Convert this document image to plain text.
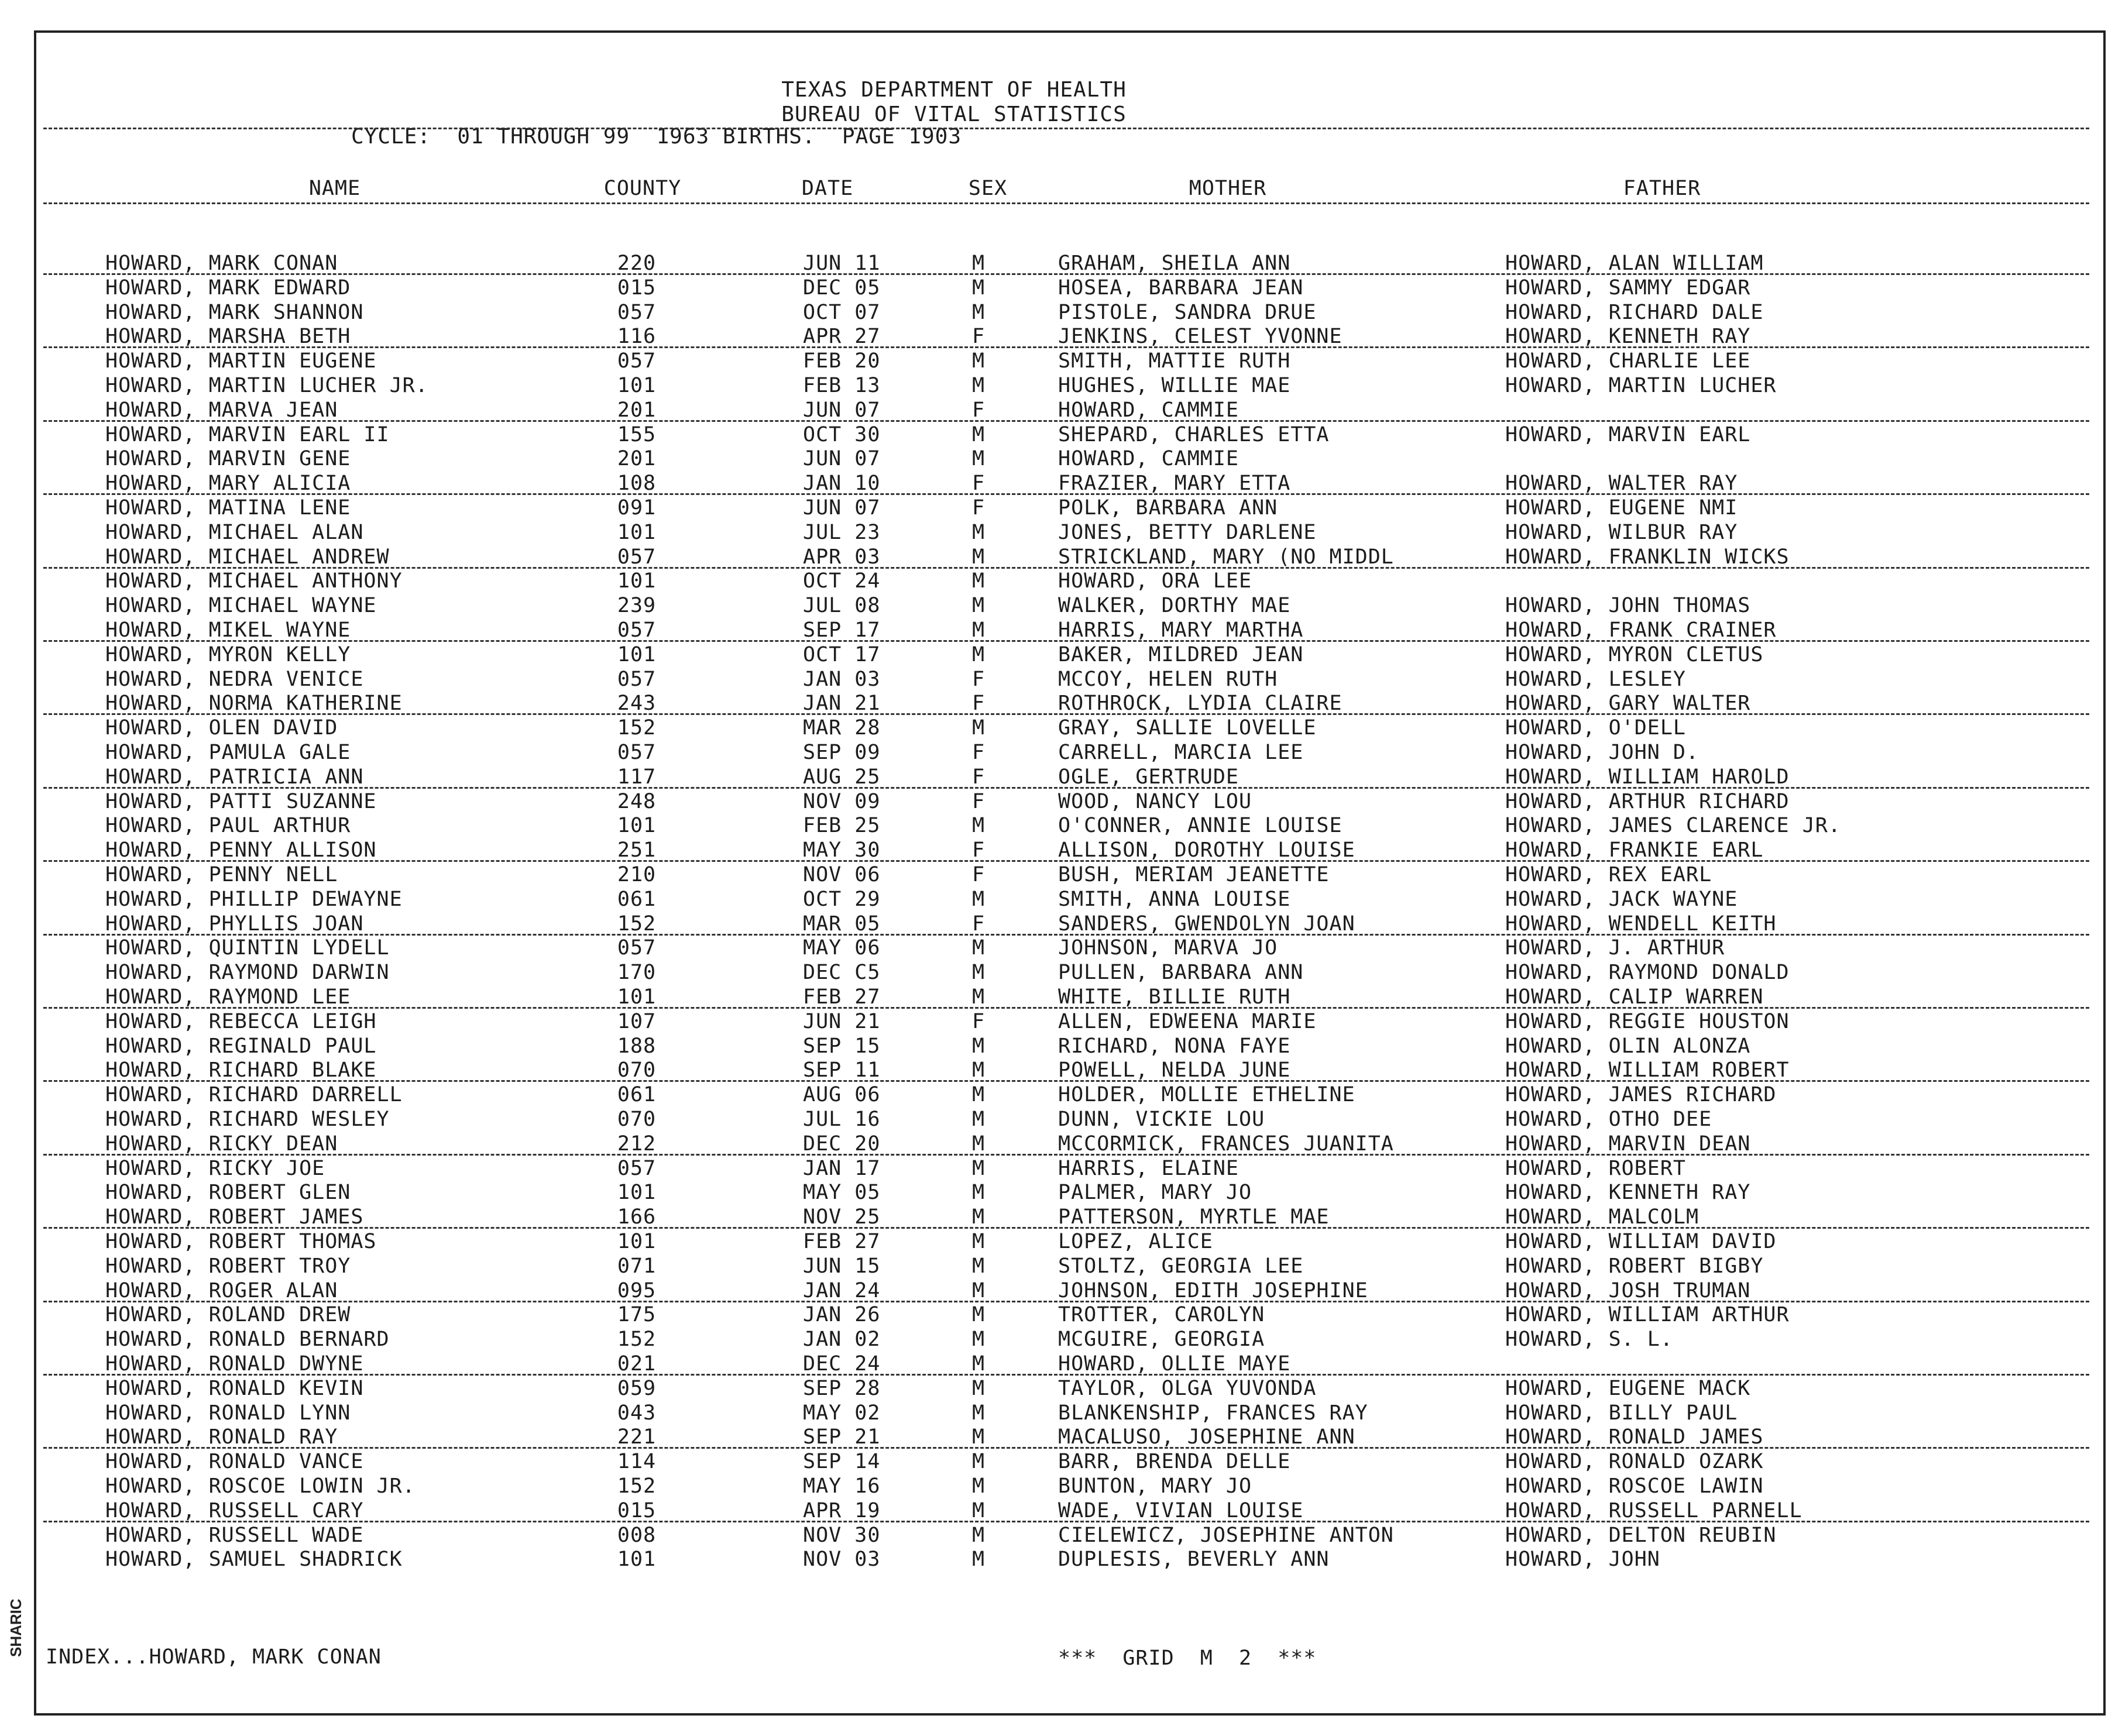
TEXAS DEPARTMENT OF HEALTH
BUREAU OF VITAL STATISTICS
CYCLE:  01 THROUGH 99  1963 BIRTHS.  PAGE 1903
NAME	COUNTY	DATE	SEX	MOTHER	FATHER
HOWARD, MARK CONAN	220	JUN 11	M	GRAHAM, SHEILA ANN	HOWARD, ALAN WILLIAM
HOWARD, MARK EDWARD	015	DEC 05	M	HOSEA, BARBARA JEAN	HOWARD, SAMMY EDGAR
HOWARD, MARK SHANNON	057	OCT 07	M	PISTOLE, SANDRA DRUE	HOWARD, RICHARD DALE
HOWARD, MARSHA BETH	116	APR 27	F	JENKINS, CELEST YVONNE	HOWARD, KENNETH RAY
HOWARD, MARTIN EUGENE	057	FEB 20	M	SMITH, MATTIE RUTH	HOWARD, CHARLIE LEE
HOWARD, MARTIN LUCHER JR.	101	FEB 13	M	HUGHES, WILLIE MAE	HOWARD, MARTIN LUCHER
HOWARD, MARVA JEAN	201	JUN 07	F	HOWARD, CAMMIE
HOWARD, MARVIN EARL II	155	OCT 30	M	SHEPARD, CHARLES ETTA	HOWARD, MARVIN EARL
HOWARD, MARVIN GENE	201	JUN 07	M	HOWARD, CAMMIE
HOWARD, MARY ALICIA	108	JAN 10	F	FRAZIER, MARY ETTA	HOWARD, WALTER RAY
HOWARD, MATINA LENE	091	JUN 07	F	POLK, BARBARA ANN	HOWARD, EUGENE NMI
HOWARD, MICHAEL ALAN	101	JUL 23	M	JONES, BETTY DARLENE	HOWARD, WILBUR RAY
HOWARD, MICHAEL ANDREW	057	APR 03	M	STRICKLAND, MARY (NO MIDDL	HOWARD, FRANKLIN WICKS
HOWARD, MICHAEL ANTHONY	101	OCT 24	M	HOWARD, ORA LEE
HOWARD, MICHAEL WAYNE	239	JUL 08	M	WALKER, DORTHY MAE	HOWARD, JOHN THOMAS
HOWARD, MIKEL WAYNE	057	SEP 17	M	HARRIS, MARY MARTHA	HOWARD, FRANK CRAINER
HOWARD, MYRON KELLY	101	OCT 17	M	BAKER, MILDRED JEAN	HOWARD, MYRON CLETUS
HOWARD, NEDRA VENICE	057	JAN 03	F	MCCOY, HELEN RUTH	HOWARD, LESLEY
HOWARD, NORMA KATHERINE	243	JAN 21	F	ROTHROCK, LYDIA CLAIRE	HOWARD, GARY WALTER
HOWARD, OLEN DAVID	152	MAR 28	M	GRAY, SALLIE LOVELLE	HOWARD, O'DELL
HOWARD, PAMULA GALE	057	SEP 09	F	CARRELL, MARCIA LEE	HOWARD, JOHN D.
HOWARD, PATRICIA ANN	117	AUG 25	F	OGLE, GERTRUDE	HOWARD, WILLIAM HAROLD
HOWARD, PATTI SUZANNE	248	NOV 09	F	WOOD, NANCY LOU	HOWARD, ARTHUR RICHARD
HOWARD, PAUL ARTHUR	101	FEB 25	M	O'CONNER, ANNIE LOUISE	HOWARD, JAMES CLARENCE JR.
HOWARD, PENNY ALLISON	251	MAY 30	F	ALLISON, DOROTHY LOUISE	HOWARD, FRANKIE EARL
HOWARD, PENNY NELL	210	NOV 06	F	BUSH, MERIAM JEANETTE	HOWARD, REX EARL
HOWARD, PHILLIP DEWAYNE	061	OCT 29	M	SMITH, ANNA LOUISE	HOWARD, JACK WAYNE
HOWARD, PHYLLIS JOAN	152	MAR 05	F	SANDERS, GWENDOLYN JOAN	HOWARD, WENDELL KEITH
HOWARD, QUINTIN LYDELL	057	MAY 06	M	JOHNSON, MARVA JO	HOWARD, J. ARTHUR
HOWARD, RAYMOND DARWIN	170	DEC C5	M	PULLEN, BARBARA ANN	HOWARD, RAYMOND DONALD
HOWARD, RAYMOND LEE	101	FEB 27	M	WHITE, BILLIE RUTH	HOWARD, CALIP WARREN
HOWARD, REBECCA LEIGH	107	JUN 21	F	ALLEN, EDWEENA MARIE	HOWARD, REGGIE HOUSTON
HOWARD, REGINALD PAUL	188	SEP 15	M	RICHARD, NONA FAYE	HOWARD, OLIN ALONZA
HOWARD, RICHARD BLAKE	070	SEP 11	M	POWELL, NELDA JUNE	HOWARD, WILLIAM ROBERT
HOWARD, RICHARD DARRELL	061	AUG 06	M	HOLDER, MOLLIE ETHELINE	HOWARD, JAMES RICHARD
HOWARD, RICHARD WESLEY	070	JUL 16	M	DUNN, VICKIE LOU	HOWARD, OTHO DEE
HOWARD, RICKY DEAN	212	DEC 20	M	MCCORMICK, FRANCES JUANITA	HOWARD, MARVIN DEAN
HOWARD, RICKY JOE	057	JAN 17	M	HARRIS, ELAINE	HOWARD, ROBERT
HOWARD, ROBERT GLEN	101	MAY 05	M	PALMER, MARY JO	HOWARD, KENNETH RAY
HOWARD, ROBERT JAMES	166	NOV 25	M	PATTERSON, MYRTLE MAE	HOWARD, MALCOLM
HOWARD, ROBERT THOMAS	101	FEB 27	M	LOPEZ, ALICE	HOWARD, WILLIAM DAVID
HOWARD, ROBERT TROY	071	JUN 15	M	STOLTZ, GEORGIA LEE	HOWARD, ROBERT BIGBY
HOWARD, ROGER ALAN	095	JAN 24	M	JOHNSON, EDITH JOSEPHINE	HOWARD, JOSH TRUMAN
HOWARD, ROLAND DREW	175	JAN 26	M	TROTTER, CAROLYN	HOWARD, WILLIAM ARTHUR
HOWARD, RONALD BERNARD	152	JAN 02	M	MCGUIRE, GEORGIA	HOWARD, S. L.
HOWARD, RONALD DWYNE	021	DEC 24	M	HOWARD, OLLIE MAYE
HOWARD, RONALD KEVIN	059	SEP 28	M	TAYLOR, OLGA YUVONDA	HOWARD, EUGENE MACK
HOWARD, RONALD LYNN	043	MAY 02	M	BLANKENSHIP, FRANCES RAY	HOWARD, BILLY PAUL
HOWARD, RONALD RAY	221	SEP 21	M	MACALUSO, JOSEPHINE ANN	HOWARD, RONALD JAMES
HOWARD, RONALD VANCE	114	SEP 14	M	BARR, BRENDA DELLE	HOWARD, RONALD OZARK
HOWARD, ROSCOE LOWIN JR.	152	MAY 16	M	BUNTON, MARY JO	HOWARD, ROSCOE LAWIN
HOWARD, RUSSELL CARY	015	APR 19	M	WADE, VIVIAN LOUISE	HOWARD, RUSSELL PARNELL
HOWARD, RUSSELL WADE	008	NOV 30	M	CIELEWICZ, JOSEPHINE ANTON	HOWARD, DELTON REUBIN
HOWARD, SAMUEL SHADRICK	101	NOV 03	M	DUPLESIS, BEVERLY ANN	HOWARD, JOHN
INDEX...HOWARD, MARK CONAN	***  GRID  M  2  ***
SHARIC
